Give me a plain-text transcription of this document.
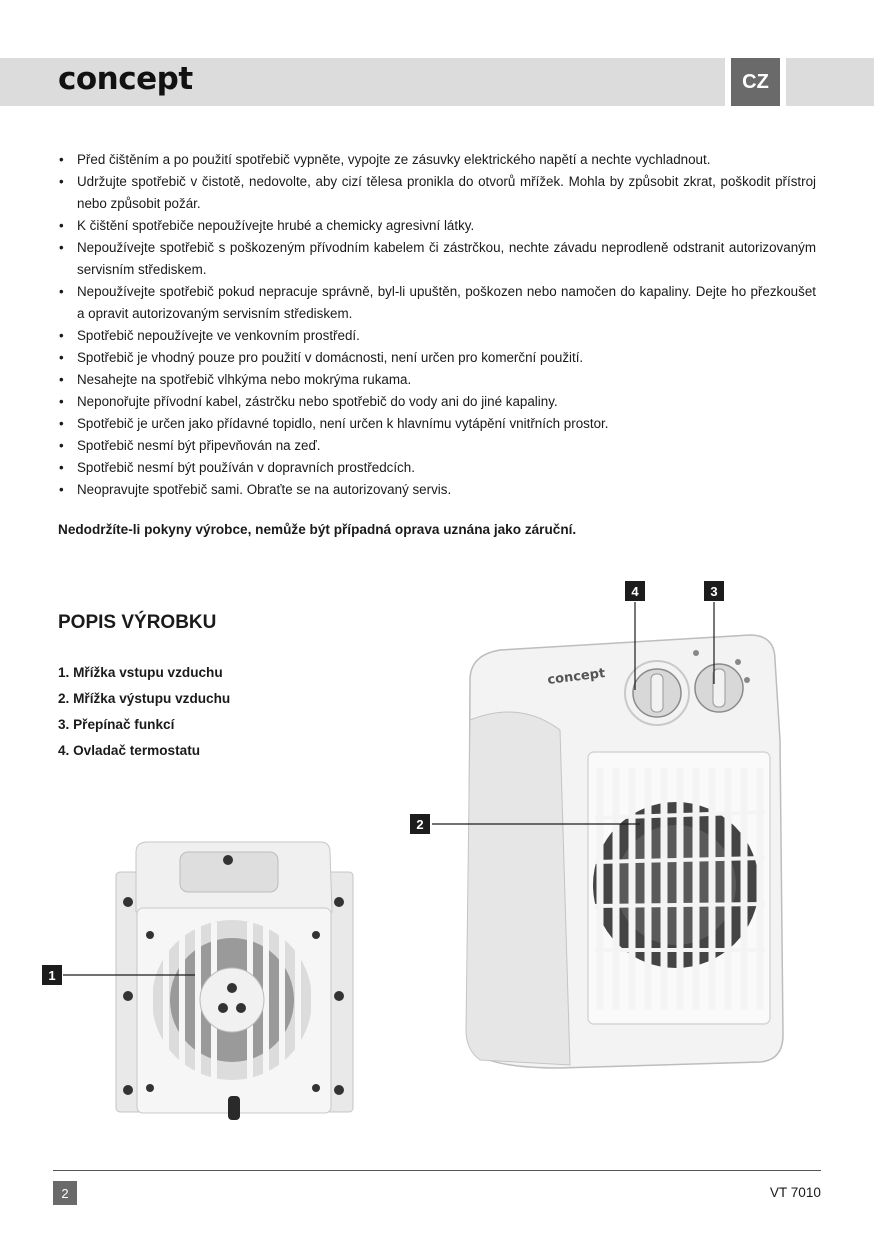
concept	CZ
• Před čištěním a po použití spotřebič vypněte, vypojte ze zásuvky elektrického napětí a nechte vychladnout.
• Udržujte spotřebič v čistotě, nedovolte, aby cizí tělesa pronikla do otvorů mřížek. Mohla by způsobit zkrat, poškodit přístroj nebo způsobit požár.
• K čištění spotřebiče nepoužívejte hrubé a chemicky agresivní látky.
• Nepoužívejte spotřebič s poškozeným přívodním kabelem či zástrčkou, nechte závadu neprodleně odstranit autorizovaným servisním střediskem.
• Nepoužívejte spotřebič pokud nepracuje správně, byl-li upuštěn, poškozen nebo namočen do kapaliny. Dejte ho přezkoušet a opravit autorizovaným servisním střediskem.
• Spotřebič nepoužívejte ve venkovním prostředí.
• Spotřebič je vhodný pouze pro použití v domácnosti, není určen pro komerční použití.
• Nesahejte na spotřebič vlhkýma nebo mokrýma rukama.
• Neponořujte přívodní kabel, zástrčku nebo spotřebič do vody ani do jiné kapaliny.
• Spotřebič je určen jako přídavné topidlo, není určen k hlavnímu vytápění vnitřních prostor.
• Spotřebič nesmí být připevňován na zeď.
• Spotřebič nesmí být používán v dopravních prostředcích.
• Neopravujte spotřebič sami. Obraťte se na autorizovaný servis.
Nedodržíte-li pokyny výrobce, nemůže být případná oprava uznána jako záruční.
POPIS VÝROBKU
1. Mřížka vstupu vzduchu
2. Mřížka výstupu vzduchu
3. Přepínač funkcí
4. Ovladač termostatu
concept
1
2
3
4
2	VT 7010
